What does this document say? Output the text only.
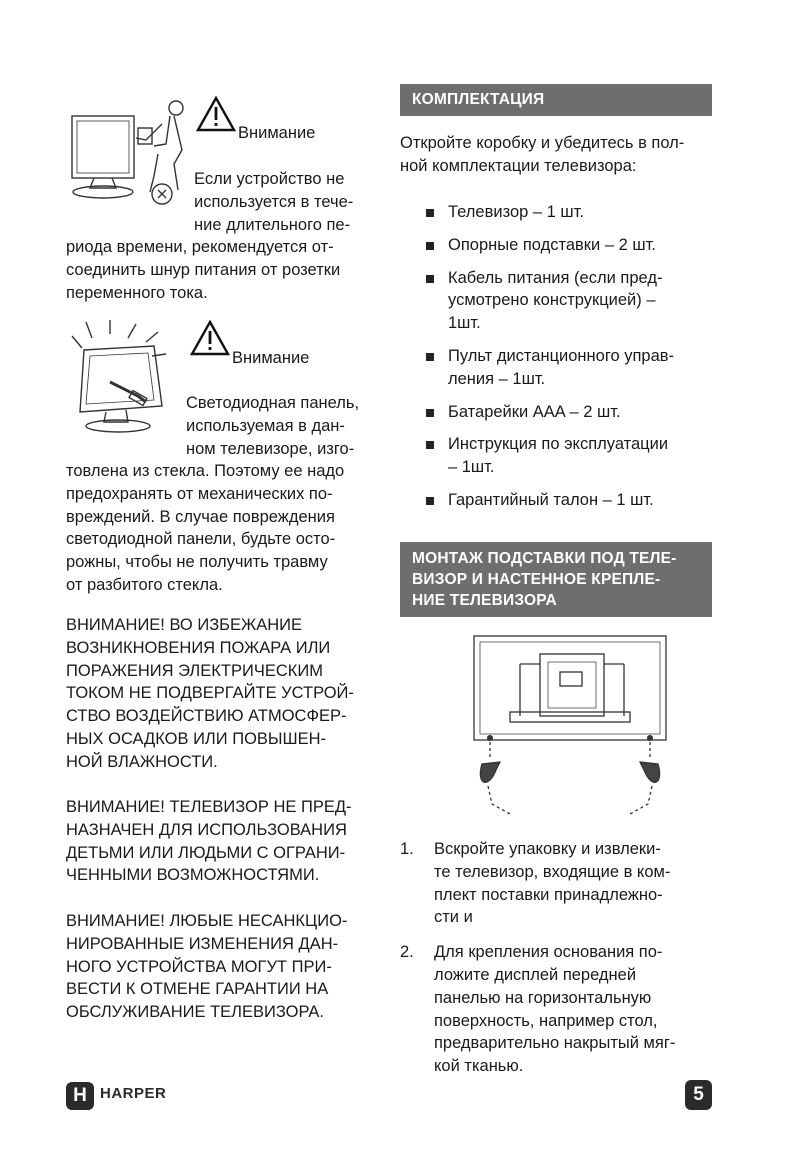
Внимание
Если устройство не
используется в тече-
ние длительного пе-
риода времени, рекомендуется от-
соединить шнур питания от розетки
переменного тока.
Внимание
Светодиодная панель,
используемая в дан-
ном телевизоре, изго-
товлена из стекла. Поэтому ее надо
предохранять от механических по-
вреждений. В случае повреждения
светодиодной панели, будьте осто-
рожны, чтобы не получить травму
от разбитого стекла.
ВНИМАНИЕ! ВО ИЗБЕЖАНИЕ
ВОЗНИКНОВЕНИЯ ПОЖАРА ИЛИ
ПОРАЖЕНИЯ ЭЛЕКТРИЧЕСКИМ
ТОКОМ НЕ ПОДВЕРГАЙТЕ УСТРОЙ-
СТВО ВОЗДЕЙСТВИЮ АТМОСФЕР-
НЫХ ОСАДКОВ ИЛИ ПОВЫШЕН-
НОЙ ВЛАЖНОСТИ.
ВНИМАНИЕ! ТЕЛЕВИЗОР НЕ ПРЕД-
НАЗНАЧЕН ДЛЯ ИСПОЛЬЗОВАНИЯ
ДЕТЬМИ ИЛИ ЛЮДЬМИ С ОГРАНИ-
ЧЕННЫМИ ВОЗМОЖНОСТЯМИ.
ВНИМАНИЕ! ЛЮБЫЕ НЕСАНКЦИО-
НИРОВАННЫЕ ИЗМЕНЕНИЯ ДАН-
НОГО УСТРОЙСТВА МОГУТ ПРИ-
ВЕСТИ К ОТМЕНЕ ГАРАНТИИ НА
ОБСЛУЖИВАНИЕ ТЕЛЕВИЗОРА.
КОМПЛЕКТАЦИЯ
Откройте коробку и убедитесь в пол-
ной комплектации телевизора:
Телевизор – 1 шт.
Опорные подставки – 2 шт.
Кабель питания (если пред-
усмотрено конструкцией) –
1шт.
Пульт дистанционного управ-
ления – 1шт.
Батарейки AAA – 2 шт.
Инструкция по эксплуатации
– 1шт.
Гарантийный талон – 1 шт.
МОНТАЖ ПОДСТАВКИ ПОД ТЕЛЕ-
ВИЗОР И НАСТЕННОЕ КРЕПЛЕ-
НИЕ ТЕЛЕВИЗОРА
1. Вскройте упаковку и извлеки-
те телевизор, входящие в ком-
плект поставки принадлежно-
сти и
2. Для крепления основания по-
ложите дисплей передней
панелью на горизонтальную
поверхность, например стол,
предварительно накрытый мяг-
кой тканью.
H HARPER	5
